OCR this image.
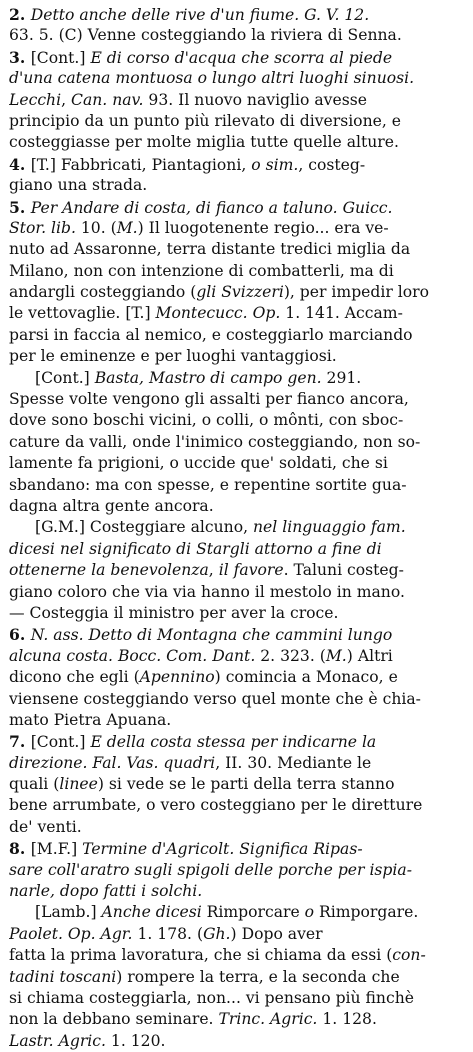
2. Detto anche delle rive d'un fiume. G. V. 12.
63. 5. (C) Venne costeggiando la riviera di Senna.
3. [Cont.] E di corso d'acqua che scorra al piede
d'una catena montuosa o lungo altri luoghi sinuosi.
Lecchi, Can. nav. 93. Il nuovo naviglio avesse
principio da un punto più rilevato di diversione, e
costeggiasse per molte miglia tutte quelle alture.
4. [T.] Fabbricati, Piantagioni, o sim., costeg-
giano una strada.
5. Per Andare di costa, di fianco a taluno. Guicc.
Stor. lib. 10. (M.) Il luogotenente regio... era ve-
nuto ad Assaronne, terra distante tredici miglia da
Milano, non con intenzione di combatterli, ma di
andargli costeggiando (gli Svizzeri), per impedir loro
le vettovaglie. [T.] Montecucc. Op. 1. 141. Accam-
parsi in faccia al nemico, e costeggiarlo marciando
per le eminenze e per luoghi vantaggiosi.
[Cont.] Basta, Mastro di campo gen. 291.
Spesse volte vengono gli assalti per fianco ancora,
dove sono boschi vicini, o colli, o mônti, con sboc-
cature da valli, onde l'inimico costeggiando, non so-
lamente fa prigioni, o uccide que' soldati, che si
sbandano: ma con spesse, e repentine sortite gua-
dagna altra gente ancora.
[G.M.] Costeggiare alcuno, nel linguaggio fam.
dicesi nel significato di Stargli attorno a fine di
ottenerne la benevolenza, il favore. Taluni costeg-
giano coloro che via via hanno il mestolo in mano.
— Costeggia il ministro per aver la croce.
6. N. ass. Detto di Montagna che cammini lungo
alcuna costa. Bocc. Com. Dant. 2. 323. (M.) Altri
dicono che egli (Apennino) comincia a Monaco, e
viensene costeggiando verso quel monte che è chia-
mato Pietra Apuana.
7. [Cont.] E della costa stessa per indicarne la
direzione. Fal. Vas. quadri, II. 30. Mediante le
quali (linee) si vede se le parti della terra stanno
bene arrumbate, o vero costeggiano per le diretture
de' venti.
8. [M.F.] Termine d'Agricolt. Significa Ripas-
sare coll'aratro sugli spigoli delle porche per ispia-
narle, dopo fatti i solchi.
[Lamb.] Anche dicesi Rimporcare o Rimporgare.
Paolet. Op. Agr. 1. 178. (Gh.) Dopo aver
fatta la prima lavoratura, che si chiama da essi (con-
tadini toscani) rompere la terra, e la seconda che
si chiama costeggiarla, non... vi pensano più finchè
non la debbano seminare. Trinc. Agric. 1. 128.
Lastr. Agric. 1. 120.
